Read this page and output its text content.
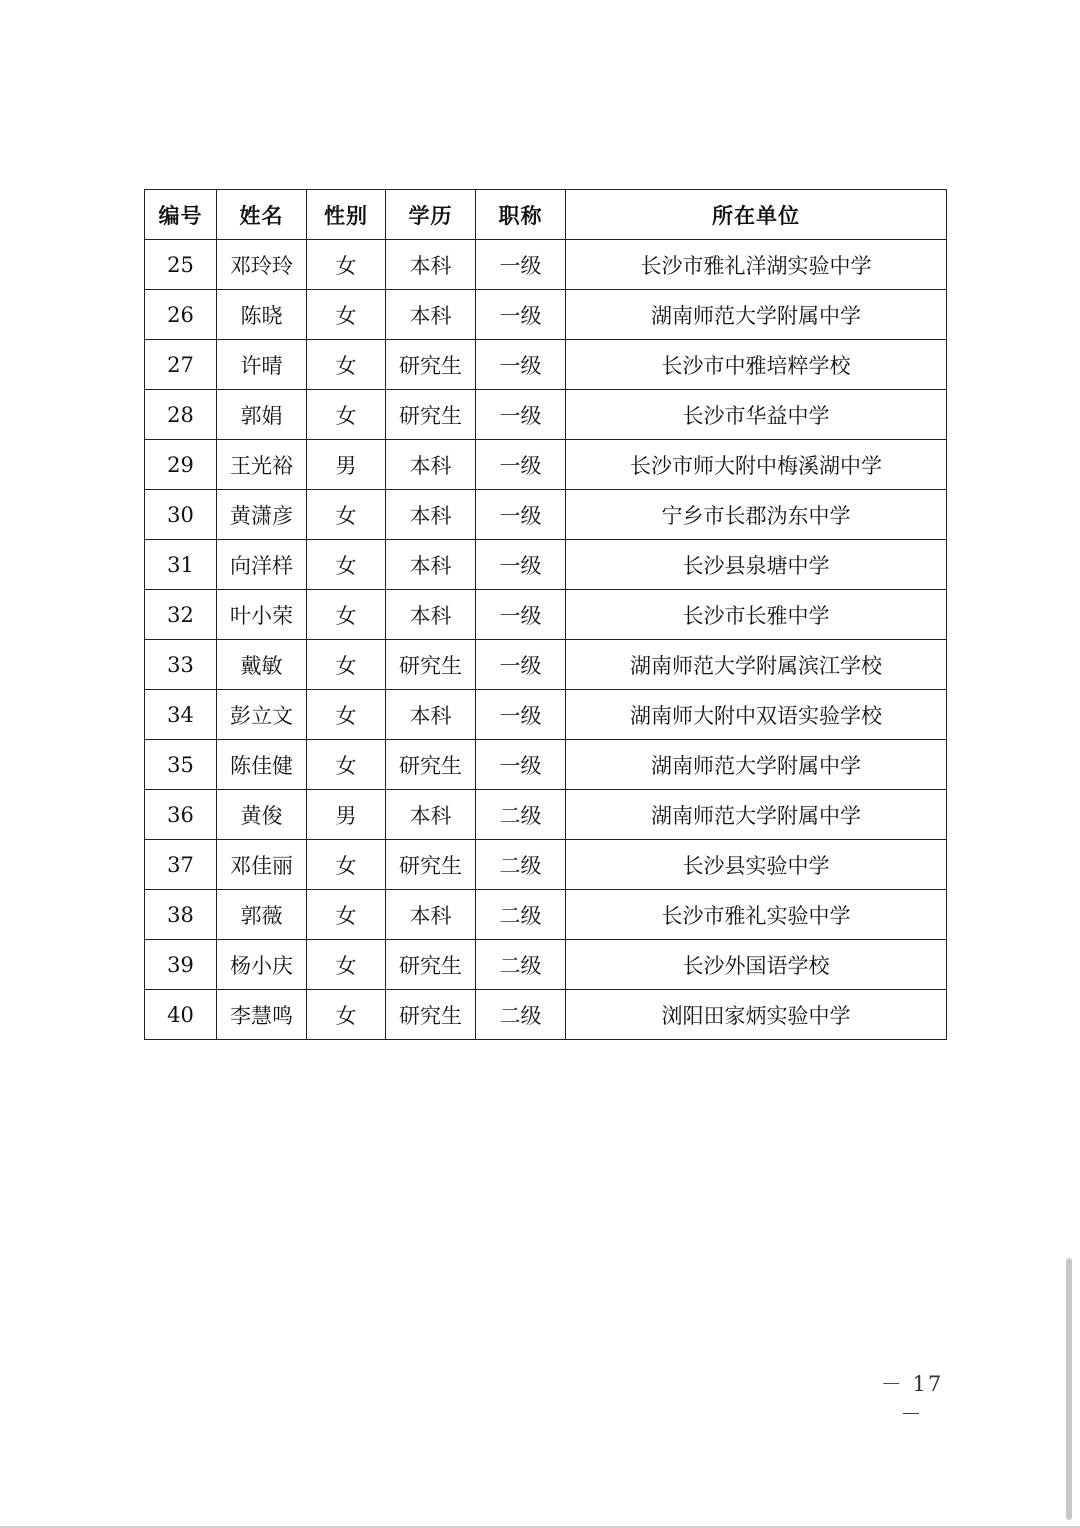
编号	姓名	性别	学历	职称	所在单位
25	邓玲玲	女	本科	一级	长沙市雅礼洋湖实验中学
26	陈晓	女	本科	一级	湖南师范大学附属中学
27	许晴	女	研究生	一级	长沙市中雅培粹学校
28	郭娟	女	研究生	一级	长沙市华益中学
29	王光裕	男	本科	一级	长沙市师大附中梅溪湖中学
30	黄潇彦	女	本科	一级	宁乡市长郡沩东中学
31	向洋样	女	本科	一级	长沙县泉塘中学
32	叶小荣	女	本科	一级	长沙市长雅中学
33	戴敏	女	研究生	一级	湖南师范大学附属滨江学校
34	彭立文	女	本科	一级	湖南师大附中双语实验学校
35	陈佳健	女	研究生	一级	湖南师范大学附属中学
36	黄俊	男	本科	二级	湖南师范大学附属中学
37	邓佳丽	女	研究生	二级	长沙县实验中学
38	郭薇	女	本科	二级	长沙市雅礼实验中学
39	杨小庆	女	研究生	二级	长沙外国语学校
40	李慧鸣	女	研究生	二级	浏阳田家炳实验中学
－ 17 －
